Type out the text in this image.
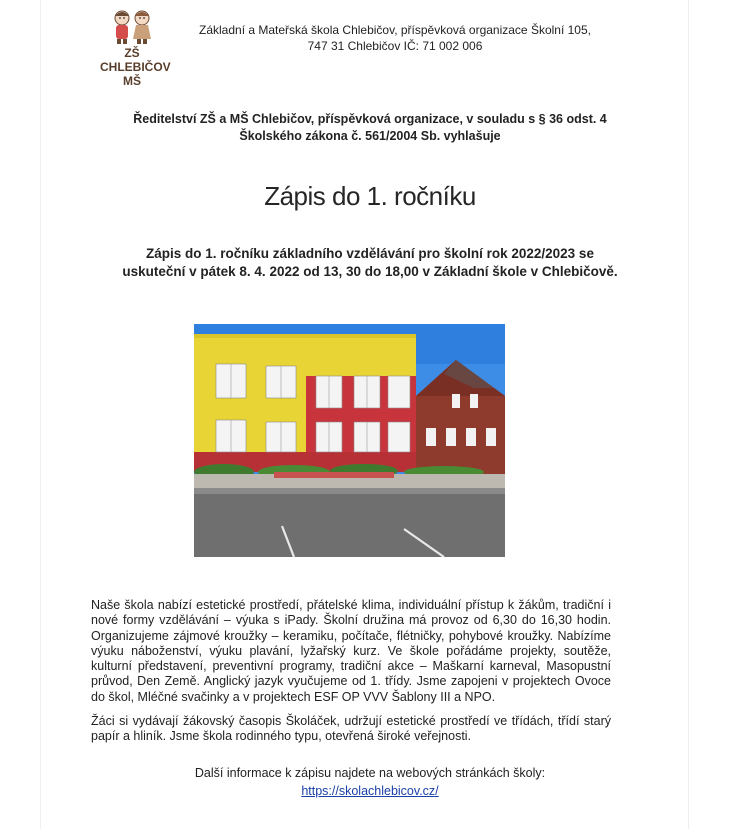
ZŠ CHLEBIČOV MŠ
Základní a Mateřská škola Chlebičov, příspěvková organizace Školní 105,
747 31 Chlebičov IČ: 71 002 006
Ředitelství ZŠ a MŠ Chlebičov, příspěvková organizace, v souladu s § 36 odst. 4
Školského zákona č. 561/2004 Sb. vyhlašuje
Zápis do 1. ročníku
Zápis do 1. ročníku základního vzdělávání pro školní rok 2022/2023 se
uskuteční v pátek 8. 4. 2022 od 13, 30 do 18,00 v Základní škole v Chlebičově.
Naše škola nabízí estetické prostředí, přátelské klima, individuální přístup k žákům, tradiční i nové formy vzdělávání – výuka s iPady. Školní družina má provoz od 6,30 do 16,30 hodin. Organizujeme zájmové kroužky – keramiku, počítače, flétničky, pohybové kroužky. Nabízíme výuku náboženství, výuku plavání, lyžařský kurz. Ve škole pořádáme projekty, soutěže, kulturní představení, preventivní programy, tradiční akce – Maškarní karneval, Masopustní průvod, Den Země. Anglický jazyk vyučujeme od 1. třídy. Jsme zapojeni v projektech Ovoce do škol, Mléčné svačinky a v projektech ESF OP VVV Šablony III a NPO.
Žáci si vydávají žákovský časopis Školáček, udržují estetické prostředí ve třídách, třídí starý papír a hliník. Jsme škola rodinného typu, otevřená široké veřejnosti.
Další informace k zápisu najdete na webových stránkách školy:
https://skolachlebicov.cz/
